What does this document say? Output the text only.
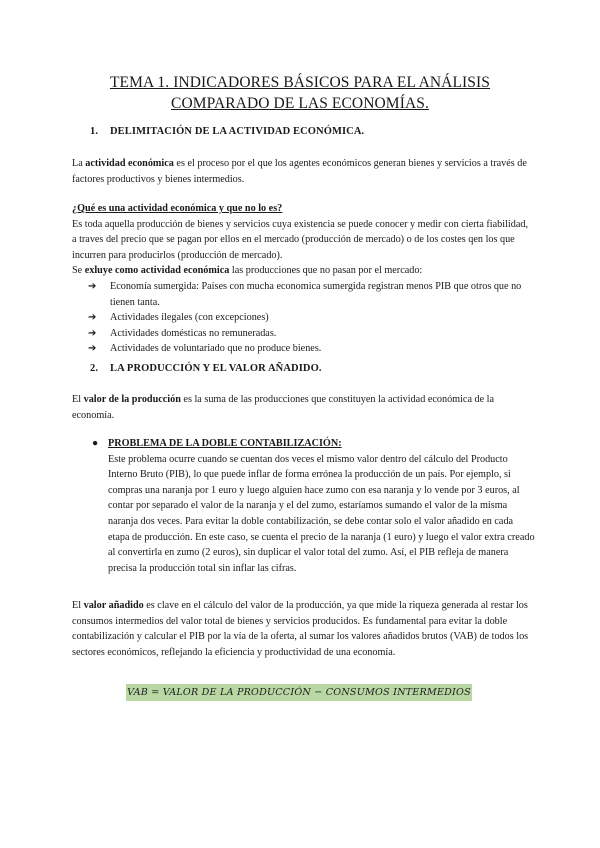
TEMA 1. INDICADORES BÁSICOS PARA EL ANÁLISIS
COMPARADO DE LAS ECONOMÍAS.
1. DELIMITACIÓN DE LA ACTIVIDAD ECONÓMICA.

La actividad económica es el proceso por el que los agentes económicos generan bienes y servicios a través de factores productivos y bienes intermedios.

¿Qué es una actividad económica y que no lo es?

Es toda aquella producción de bienes y servicios cuya existencia se puede conocer y medir con cierta fiabilidad, a traves del precio que se pagan por ellos en el mercado (producción de mercado) o de los costes qen los que incurren para producirlos (producción de mercado).

Se exluye como actividad económica las producciones que no pasan por el mercado:

➔	Economía sumergida: Países con mucha economica sumergida registran menos PIB que otros que no tienen tanta.
➔	Actividades ilegales (con excepciones)
➔	Actividades domésticas no remuneradas.
➔	Actividades de voluntariado que no produce bienes.
2. LA PRODUCCIÓN Y EL VALOR AÑADIDO.

El valor de la producción es la suma de las producciones que constituyen la actividad económica de la economía.

● PROBLEMA DE LA DOBLE CONTABILIZACIÓN:
Este problema ocurre cuando se cuentan dos veces el mismo valor dentro del cálculo del Producto Interno Bruto (PIB), lo que puede inflar de forma errónea la producción de un país. Por ejemplo, si compras una naranja por 1 euro y luego alguien hace zumo con esa naranja y lo vende por 3 euros, al contar por separado el valor de la naranja y el del zumo, estaríamos sumando el valor de la misma naranja dos veces. Para evitar la doble contabilización, se debe contar solo el valor añadido en cada etapa de producción. En este caso, se cuenta el precio de la naranja (1 euro) y luego el valor extra creado al convertirla en zumo (2 euros), sin duplicar el valor total del zumo. Así, el PIB refleja de manera precisa la producción total sin inflar las cifras.

El valor añadido es clave en el cálculo del valor de la producción, ya que mide la riqueza generada al restar los consumos intermedios del valor total de bienes y servicios producidos. Es fundamental para evitar la doble contabilización y calcular el PIB por la vía de la oferta, al sumar los valores añadidos brutos (VAB) de todos los sectores económicos, reflejando la eficiencia y productividad de una economía.

VAB = VALOR DE LA PRODUCCIÓN − CONSUMOS INTERMEDIOS
